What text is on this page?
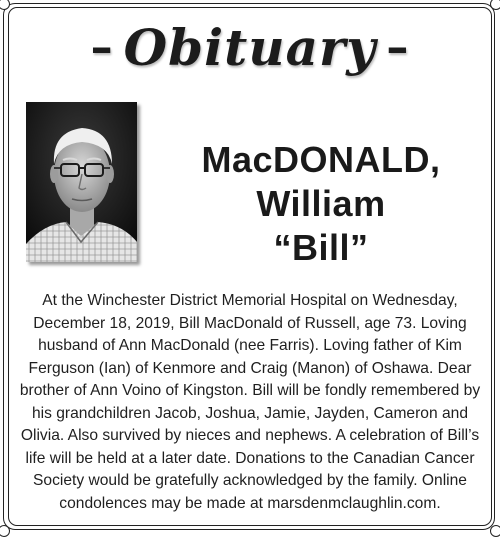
– Obituary –
MacDONALD,
William
“Bill”
At the Winchester District Memorial Hospital on Wednesday, December 18, 2019, Bill MacDonald of Russell, age 73. Loving husband of Ann MacDonald (nee Farris). Loving father of Kim Ferguson (Ian) of Kenmore and Craig (Manon) of Oshawa. Dear brother of Ann Voino of Kingston. Bill will be fondly remembered by his grandchildren Jacob, Joshua, Jamie, Jayden, Cameron and Olivia. Also survived by nieces and nephews. A celebration of Bill’s life will be held at a later date. Donations to the Canadian Cancer Society would be gratefully acknowledged by the family. Online condolences may be made at marsdenmclaughlin.com.
